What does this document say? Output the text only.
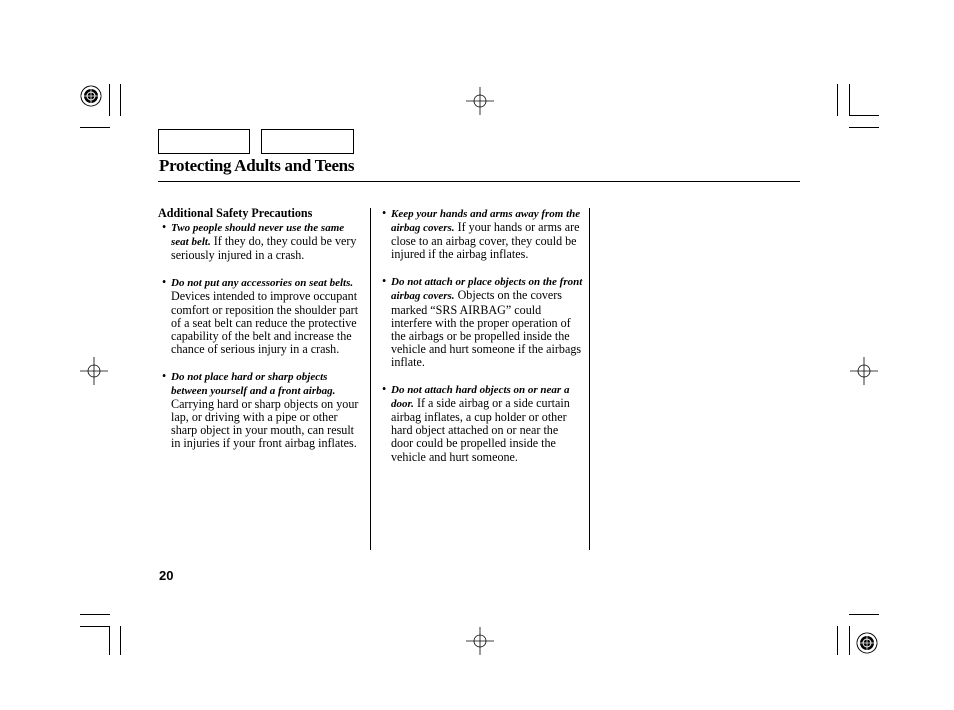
Protecting Adults and Teens

Additional Safety Precautions

• Two people should never use the same seat belt. If they do, they could be very seriously injured in a crash.

• Do not put any accessories on seat belts. Devices intended to improve occupant comfort or reposition the shoulder part of a seat belt can reduce the protective capability of the belt and increase the chance of serious injury in a crash.

• Do not place hard or sharp objects between yourself and a front airbag. Carrying hard or sharp objects on your lap, or driving with a pipe or other sharp object in your mouth, can result in injuries if your front airbag inflates.

• Keep your hands and arms away from the airbag covers. If your hands or arms are close to an airbag cover, they could be injured if the airbag inflates.

• Do not attach or place objects on the front airbag covers. Objects on the covers marked “SRS AIRBAG” could interfere with the proper operation of the airbags or be propelled inside the vehicle and hurt someone if the airbags inflate.

• Do not attach hard objects on or near a door. If a side airbag or a side curtain airbag inflates, a cup holder or other hard object attached on or near the door could be propelled inside the vehicle and hurt someone.

20
